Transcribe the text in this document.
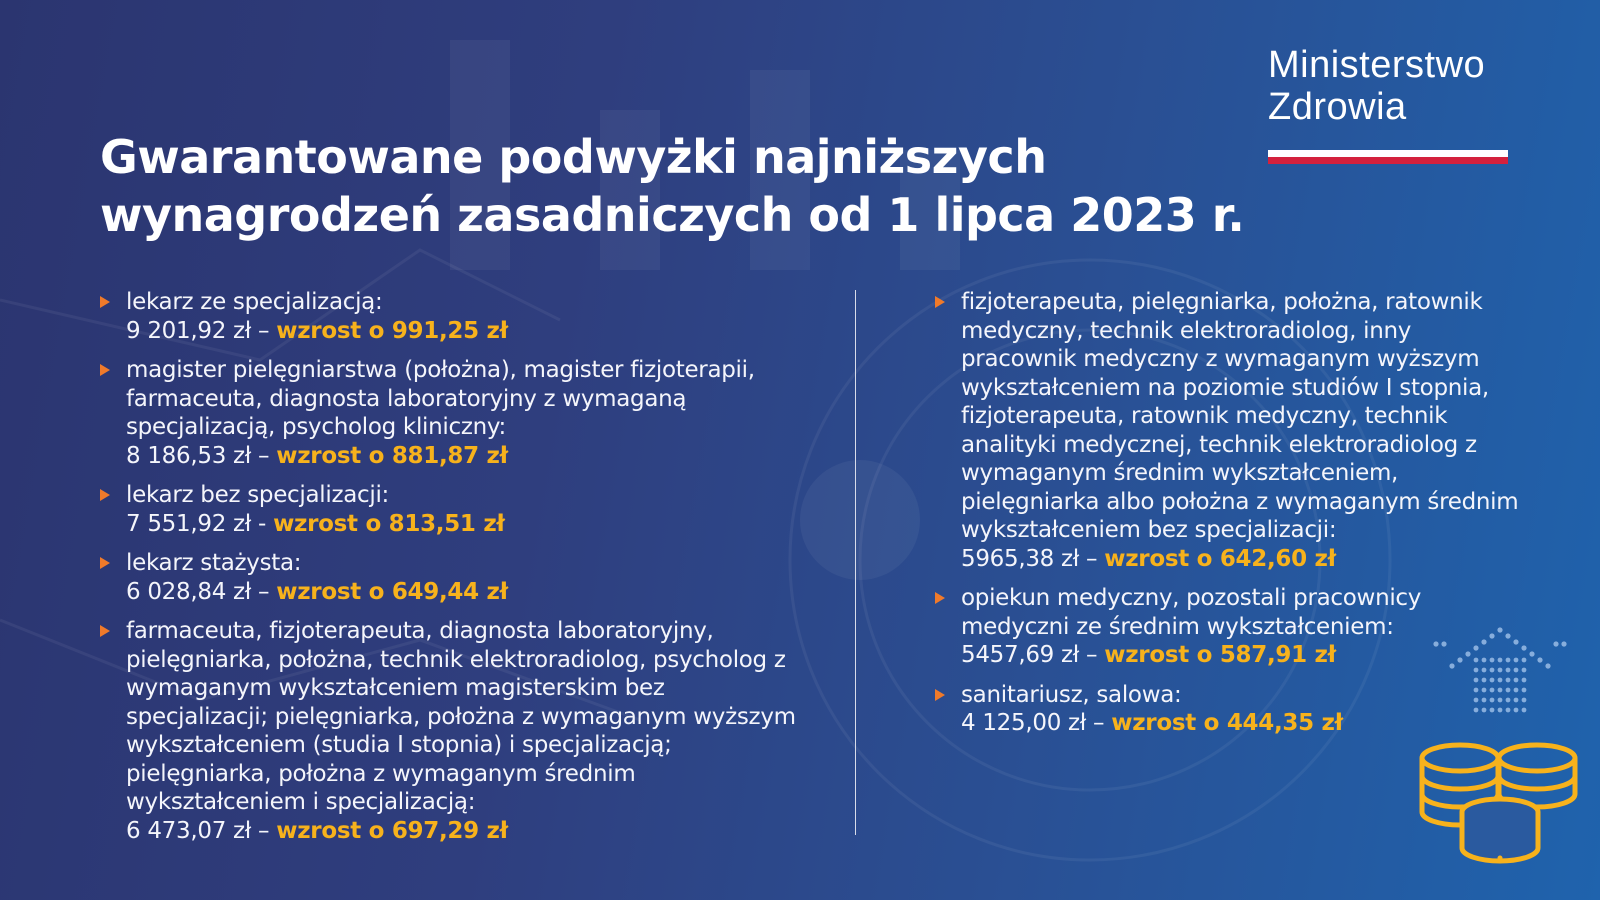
Ministerstwo
Zdrowia
Gwarantowane podwyżki najniższych
wynagrodzeń zasadniczych od 1 lipca 2023 r.
lekarz ze specjalizacją:
9 201,92 zł – wzrost o 991,25 zł
magister pielęgniarstwa (położna), magister fizjoterapii, farmaceuta, diagnosta laboratoryjny z wymaganą specjalizacją, psycholog kliniczny:
8 186,53 zł – wzrost o 881,87 zł
lekarz bez specjalizacji:
7 551,92 zł - wzrost o 813,51 zł
lekarz stażysta:
6 028,84 zł – wzrost o 649,44 zł
farmaceuta, fizjoterapeuta, diagnosta laboratoryjny, pielęgniarka, położna, technik elektroradiolog, psycholog z wymaganym wykształceniem magisterskim bez specjalizacji; pielęgniarka, położna z wymaganym wyższym wykształceniem (studia I stopnia) i specjalizacją; pielęgniarka, położna z wymaganym średnim wykształceniem i specjalizacją:
6 473,07 zł – wzrost o 697,29 zł
fizjoterapeuta, pielęgniarka, położna, ratownik medyczny, technik elektroradiolog, inny pracownik medyczny z wymaganym wyższym wykształceniem na poziomie studiów I stopnia, fizjoterapeuta, ratownik medyczny, technik analityki medycznej, technik elektroradiolog z wymaganym średnim wykształceniem, pielęgniarka albo położna z wymaganym średnim wykształceniem bez specjalizacji:
5965,38 zł – wzrost o 642,60 zł
opiekun medyczny, pozostali pracownicy medyczni ze średnim wykształceniem:
5457,69 zł – wzrost o 587,91 zł
sanitariusz, salowa:
4 125,00 zł – wzrost o 444,35 zł
